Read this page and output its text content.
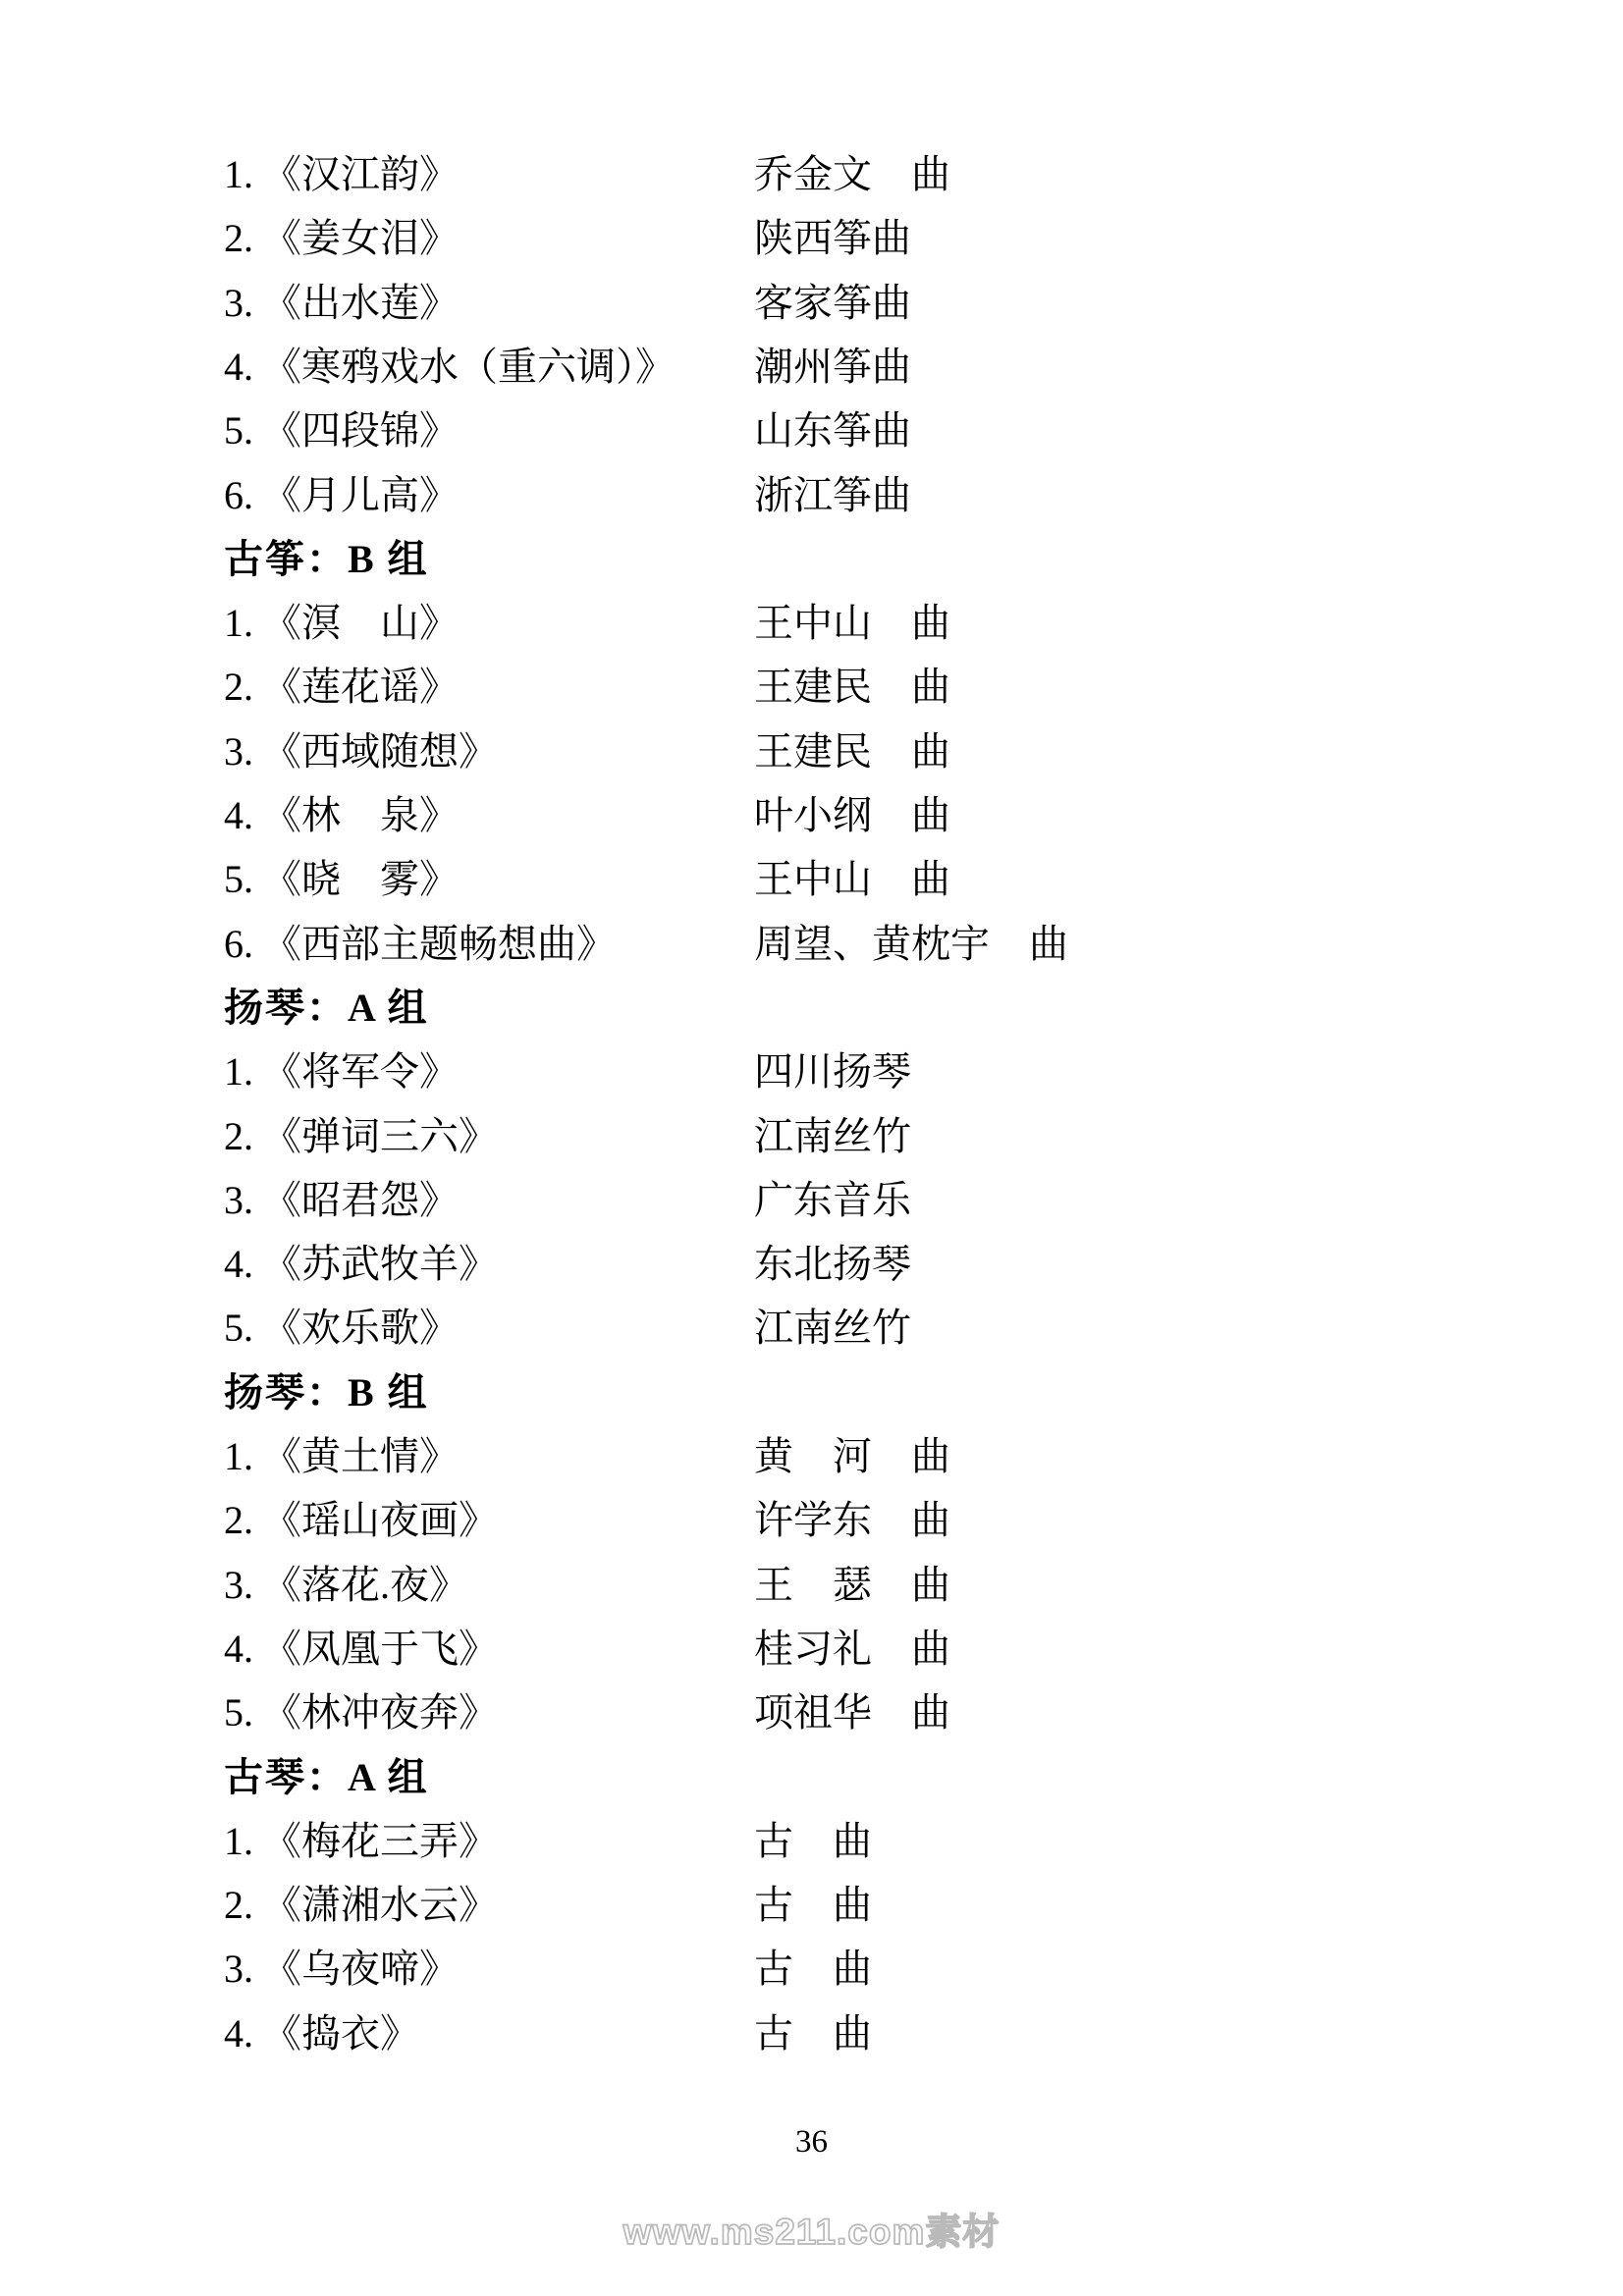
1. 《汉江韵》	乔金文　曲
2. 《姜女泪》	陕西筝曲
3. 《出水莲》	客家筝曲
4. 《寒鸦戏水（重六调）》 潮州筝曲
5. 《四段锦》	山东筝曲
6. 《月儿高》	浙江筝曲
古筝：B 组
1. 《溟　山》	王中山　曲
2. 《莲花谣》	王建民　曲
3. 《西域随想》	王建民　曲
4. 《林　泉》	叶小纲　曲
5. 《晓　雾》	王中山　曲
6. 《西部主题畅想曲》	周望、黄枕宇　曲
扬琴：A 组
1. 《将军令》	四川扬琴
2. 《弹词三六》	江南丝竹
3. 《昭君怨》	广东音乐
4. 《苏武牧羊》	东北扬琴
5. 《欢乐歌》	江南丝竹
扬琴：B 组
1. 《黄土情》	黄　河　曲
2. 《瑶山夜画》	许学东　曲
3. 《落花.夜》	王　瑟　曲
4. 《凤凰于飞》	桂习礼　曲
5. 《林冲夜奔》	项祖华　曲
古琴：A 组
1. 《梅花三弄》	古　曲
2. 《潇湘水云》	古　曲
3. 《乌夜啼》	古　曲
4. 《捣衣》	古　曲
36
www.ms211.com素材
